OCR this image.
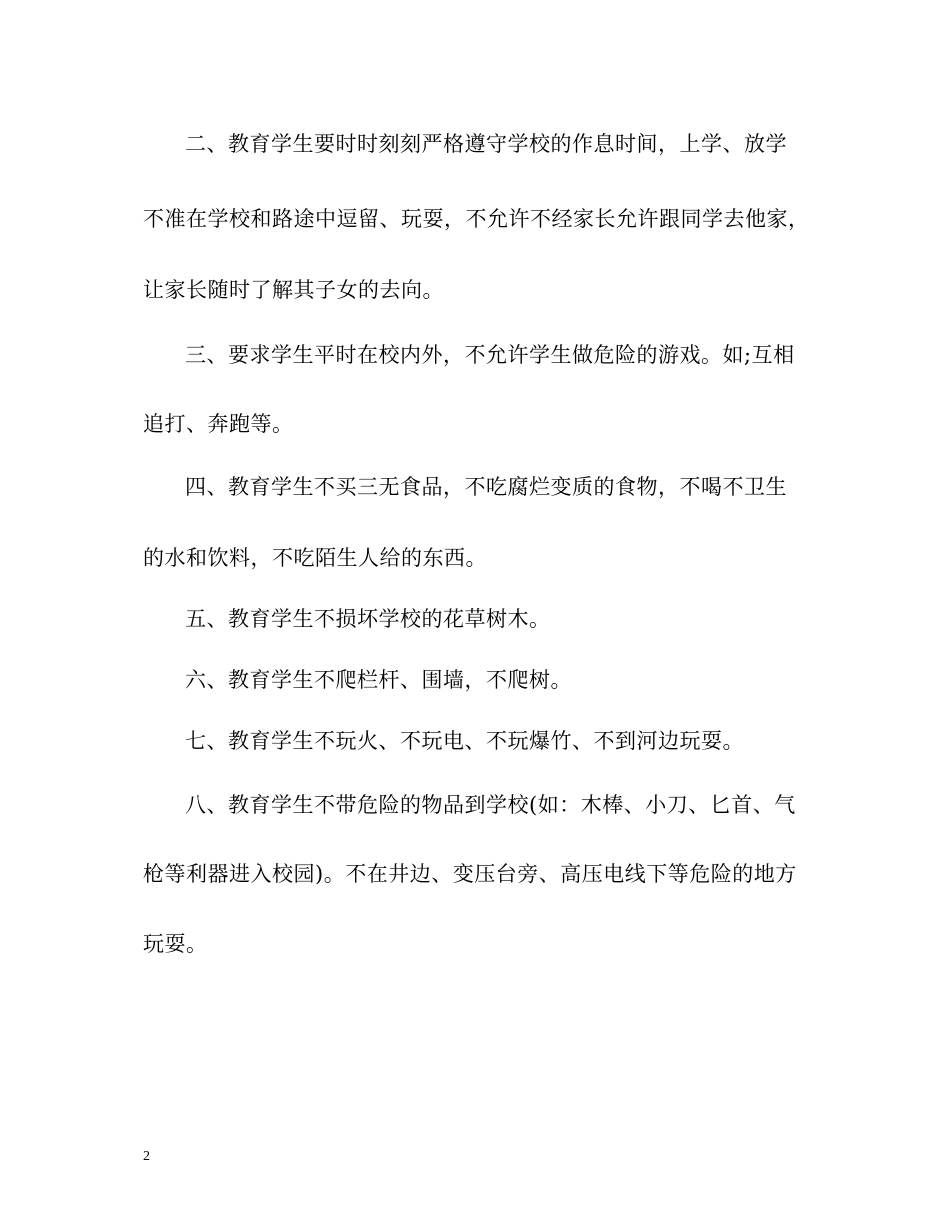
二、教育学生要时时刻刻严格遵守学校的作息时间，上学、放学
不准在学校和路途中逗留、玩耍，不允许不经家长允许跟同学去他家，
让家长随时了解其子女的去向。
三、要求学生平时在校内外，不允许学生做危险的游戏。如;互相
追打、奔跑等。
四、教育学生不买三无食品，不吃腐烂变质的食物，不喝不卫生
的水和饮料，不吃陌生人给的东西。
五、教育学生不损坏学校的花草树木。
六、教育学生不爬栏杆、围墙，不爬树。
七、教育学生不玩火、不玩电、不玩爆竹、不到河边玩耍。
八、教育学生不带危险的物品到学校(如：木棒、小刀、匕首、气
枪等利器进入校园)。不在井边、变压台旁、高压电线下等危险的地方
玩耍。
2
